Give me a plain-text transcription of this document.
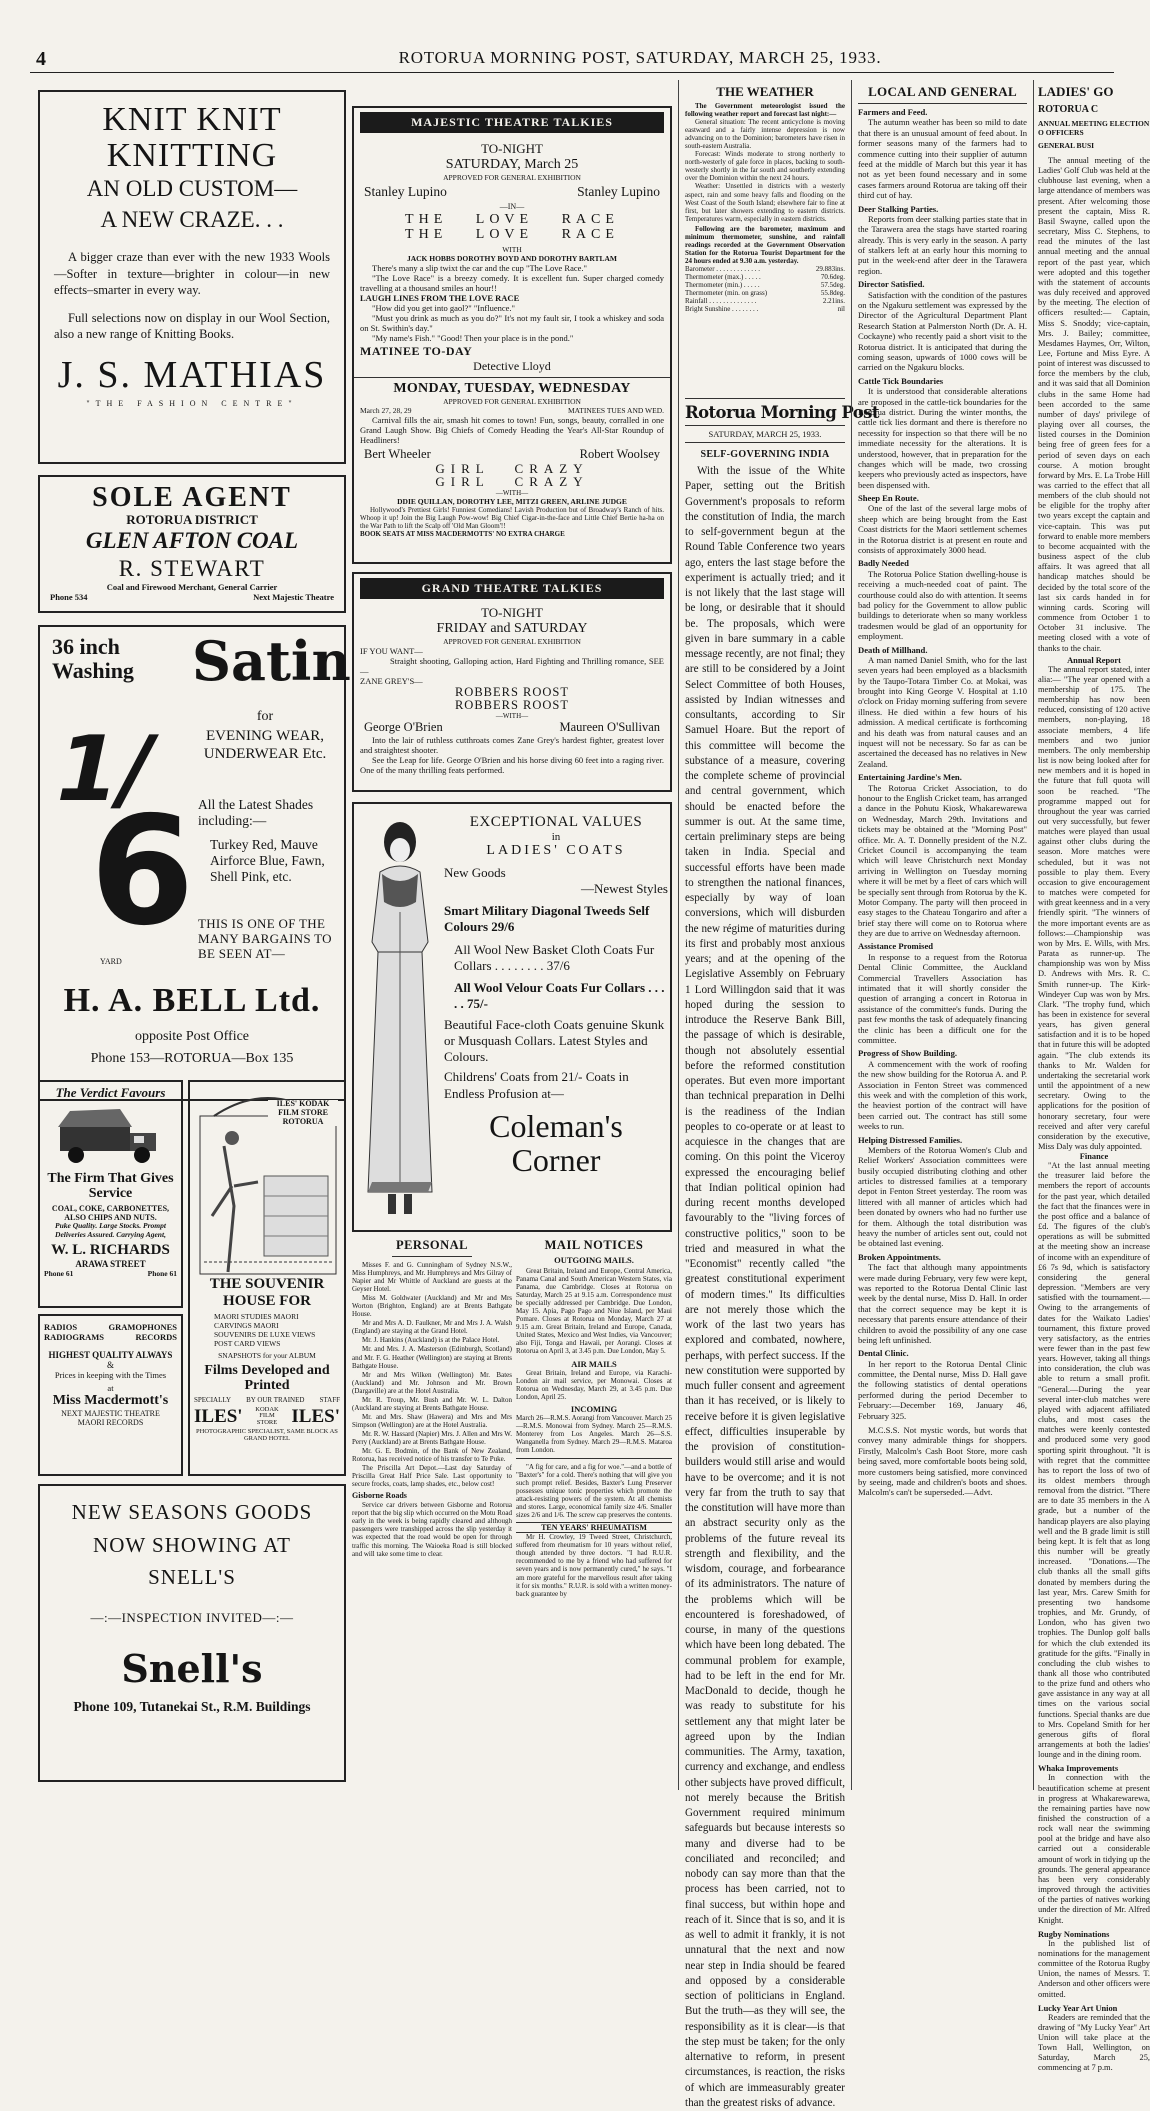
4	ROTORUA MORNING POST, SATURDAY, MARCH 25, 1933.
KNIT KNIT
KNITTING
AN OLD CUSTOM—
A NEW CRAZE. . .

A bigger craze than ever with the new 1933 Wools—Softer in texture—brighter in colour—in new effects–smarter in every way.

Full selections now on display in our Wool Section, also a new range of Knitting Books.

J. S. MATHIAS
"THE FASHION CENTRE"
SOLE AGENT
ROTORUA DISTRICT
GLEN AFTON COAL
R. STEWART
Coal and Firewood Merchant, General Carrier
Phone 534	Next Majestic Theatre
36 inch Washing	Satin
1/
6
YARD
for
EVENING WEAR, UNDERWEAR Etc.
All the Latest Shades including:—
Turkey Red, Mauve Airforce Blue, Fawn, Shell Pink, etc.
THIS IS ONE OF THE MANY BARGAINS TO BE SEEN AT—
H. A. BELL Ltd.
opposite Post Office
Phone 153—ROTORUA—Box 135
The Verdict Favours
The Firm That Gives Service
COAL, COKE, CARBONETTES, ALSO CHIPS AND NUTS.
Puke Quality. Large Stocks. Prompt Deliveries Assured. Carrying Agent,
W. L. RICHARDS
ARAWA STREET
Phone 61	Phone 61
RADIOS RADIOGRAMS
GRAMOPHONES RECORDS
HIGHEST QUALITY ALWAYS
&
Prices in keeping with the Times
at
Miss Macdermott's
NEXT MAJESTIC THEATRE
MAORI RECORDS
ILES' KODAK FILM STORE ROTORUA
THE SOUVENIR HOUSE FOR
MAORI STUDIES MAORI CARVINGS MAORI SOUVENIRS DE LUXE VIEWS POST CARD VIEWS
SNAPSHOTS for your ALBUM
Films Developed and Printed
SPECIALLY BY OUR TRAINED STAFF
ILES'	KODAK FILM STORE ILES'
PHOTOGRAPHIC SPECIALIST, SAME BLOCK AS GRAND HOTEL
NEW SEASONS GOODS
NOW SHOWING AT
SNELL'S
—:—INSPECTION INVITED—:—
Snell's
Phone 109, Tutanekai St., R.M. Buildings
MAJESTIC THEATRE TALKIES
TO-NIGHT
SATURDAY, March 25
APPROVED FOR GENERAL EXHIBITION
Stanley Lupino	Stanley Lupino
—IN—
THE LOVE RACE
THE LOVE RACE
WITH
JACK HOBBS DOROTHY BOYD AND DOROTHY BARTLAM

There's many a slip twixt the car and the cup "The Love Race."

"The Love Race" is a breezy comedy. It is excellent fun. Super charged comedy travelling at a thousand smiles an hour!!

LAUGH LINES FROM THE LOVE RACE

"How did you get into gaol?" "Influence."

"Must you drink as much as you do?" It's not my fault sir, I took a whiskey and soda on St. Swithin's day."

"My name's Fish." "Good! Then your place is in the pond."

MATINEE TO-DAY
Detective Lloyd
MONDAY, TUESDAY, WEDNESDAY
APPROVED FOR GENERAL EXHIBITION
March 27, 28, 29	MATINEES TUES AND WED.

Carnival fills the air, smash hit comes to town! Fun, songs, beauty, corralled in one Grand Laugh Show. Big Chiefs of Comedy Heading the Year's All-Star Roundup of Headliners!

Bert Wheeler	Robert Woolsey
GIRL CRAZY
GIRL CRAZY
—WITH—
DDIE QUILLAN, DOROTHY LEE, MITZI GREEN, ARLINE JUDGE

Hollywood's Prettiest Girls! Funniest Comedians! Lavish Production but of Broadway's Ranch of hits. Whoop it up! Join the Big Laugh Pow-wow! Big Chief Cigar-in-the-face and Little Chief Bertie ha-ha on the War Path to lift the Scalp off 'Old Man Gloom'!!

BOOK SEATS AT MISS MACDERMOTTS' NO EXTRA CHARGE
GRAND THEATRE TALKIES
TO-NIGHT
FRIDAY and SATURDAY
APPROVED FOR GENERAL EXHIBITION
IF YOU WANT—

Straight shooting, Galloping action, Hard Fighting and Thrilling romance, SEE—

ZANE GREY'S—
ROBBERS ROOST
ROBBERS ROOST
—WITH—
George O'Brien	Maureen O'Sullivan

Into the lair of ruthless cutthroats comes Zane Grey's hardest fighter, greatest lover and straightest shooter.

See the Leap for life. George O'Brien and his horse diving 60 feet into a raging river. One of the many thrilling feats performed.

EXCEPTIONAL VALUES
in
LADIES' COATS
New Goods
—Newest Styles
Smart Military Diagonal Tweeds Self Colours 29/6
All Wool New Basket Cloth Coats Fur Collars . . . . . . . . 37/6
All Wool Velour Coats Fur Collars . . . . . 75/-
Beautiful Face-cloth Coats genuine Skunk or Musquash Collars. Latest Styles and Colours.
Childrens' Coats from 21/- Coats in Endless Profusion at—
Coleman's
Corner
PERSONAL

Misses F. and G. Cunningham of Sydney N.S.W., Miss Humphreys, and Mr. Humphreys and Mrs Gilray of Napier and Mr Whittle of Auckland are guests at the Geyser Hotel.

Miss M. Goldwater (Auckland) and Mr and Mrs Worton (Brighton, England) are at Brents Bathgate House.

Mr and Mrs A. D. Faulkner, Mr and Mrs J. A. Walsh (England) are staying at the Grand Hotel.

Mr. J. Hankins (Auckland) is at the Palace Hotel.

Mr. and Mrs. J. A. Masterson (Edinburgh, Scotland) and Mr. F. G. Heather (Wellington) are staying at Brents Bathgate House.

Mr and Mrs Wilken (Wellington) Mr. Bates (Auckland) and Mr. Johnson and Mr. Brown (Dargaville) are at the Hotel Australia.

Mr. R. Troup, Mr. Bush and Mr. W. L. Dalton (Auckland are staying at Brents Bathgate House.

Mr. and Mrs. Shaw (Hawera) and Mrs and Mrs Simpson (Wellington) are at the Hotel Australia.

Mr. R. W. Hassard (Napier) Mrs. J. Allen and Mrs W. Perry (Auckland) are at Brents Bathgate House.

Mr. G. E. Bodmin, of the Bank of New Zealand, Rotorua, has received notice of his transfer to Te Puke.

The Priscilla Art Depot.—Last day Saturday of Priscilla Great Half Price Sale. Last opportunity to secure frocks, coats, lamp shades, etc., below cost!

Gisborne Roads

Service car drivers between Gisborne and Rotorua report that the big slip which occurred on the Motu Road early in the week is being rapidly cleared and although passengers were transhipped across the slip yesterday it was expected that the road would be open for through traffic this morning. The Waioeka Road is still blocked and will take some time to clear.

MAIL NOTICES
OUTGOING MAILS.

Great Britain, Ireland and Europe, Central America, Panama Canal and South American Western States, via Panama, due Cambridge. Closes at Rotorua on Saturday, March 25 at 9.15 a.m. Correspondence must be specially addressed per Cambridge. Due London, May 15. Apia, Pago Pago and Niue Island, per Maui Pomare. Closes at Rotorua on Monday, March 27 at 9.15 a.m. Great Britain, Ireland and Europe, Canada, United States, Mexico and West Indies, via Vancouver; also Fiji, Tonga and Hawaii, per Aorangi. Closes at Rotorua on April 3, at 3.45 p.m. Due London, May 5.

AIR MAILS

Great Britain, Ireland and Europe, via Karachi-London air mail service, per Monowai. Closes at Rotorua on Wednesday, March 29, at 3.45 p.m. Due London, April 25.

INCOMING

March 26—R.M.S. Aorangi from Vancouver. March 25—R.M.S. Monowai from Sydney. March 25—R.M.S. Monterey from Los Angeles. March 26—S.S. Wanganella from Sydney. March 29—R.M.S. Mataroa from London.

"A fig for care, and a fig for woe."—and a bottle of "Baxter's" for a cold. There's nothing that will give you such prompt relief. Besides, Baxter's Lung Preserver possesses unique tonic properties which promote the attack-resisting powers of the system. At all chemists and stores. Large, economical family size 4/6. Smaller sizes 2/6 and 1/6. The screw cap preserves the contents.

TEN YEARS' RHEUMATISM

Mr H. Crowley, 19 Tweed Street, Christchurch, suffered from rheumatism for 10 years without relief, though attended by three doctors. "I had R.U.R. recommended to me by a friend who had suffered for seven years and is now permanently cured," he says. "I am more grateful for the marvellous result after taking it for six months." R.U.R. is sold with a written money-back guarantee by

THE WEATHER

The Government meteorologist issued the following weather report and forecast last night:—

General situation: The recent anticyclone is moving eastward and a fairly intense depression is now advancing on to the Dominion; barometers have risen in south-eastern Australia.

Forecast: Winds moderate to strong northerly to north-westerly of gale force in places, backing to south-westerly shortly in the far south and southerly extending over the Dominion within the next 24 hours.

Weather: Unsettled in districts with a westerly aspect, rain and some heavy falls and flooding on the West Coast of the South Island; elsewhere fair to fine at first, but later showers extending to eastern districts. Temperatures warm, especially in eastern districts.

Following are the barometer, maximum and minimum thermometer, sunshine, and rainfall readings recorded at the Government Observation Station for the Rotorua Tourist Department for the 24 hours ended at 9.30 a.m. yesterday.

Barometer . . . . . . . . . . . . .	29.883ins.
Thermometer (max.) . . . . .	70.6deg.
Thermometer (min.) . . . . .	57.5deg.
Thermometer (min. on grass)	55.8deg.
Rainfall . . . . . . . . . . . . . .	2.21ins.
Bright Sunshine . . . . . . . .	nil
Rotorua Morning Post
SATURDAY, MARCH 25, 1933.
SELF-GOVERNING INDIA

With the issue of the White Paper, setting out the British Government's proposals to reform the constitution of India, the march to self-government begun at the Round Table Conference two years ago, enters the last stage before the experiment is actually tried; and it is not likely that the last stage will be long, or desirable that it should be. The proposals, which were given in bare summary in a cable message recently, are not final; they are still to be considered by a Joint Select Committee of both Houses, assisted by Indian witnesses and consultants, according to Sir Samuel Hoare. But the report of this committee will become the substance of a measure, covering the complete scheme of provincial and central government, which should be enacted before the summer is out. At the same time, certain preliminary steps are being taken in India. Special and successful efforts have been made to strengthen the national finances, especially by way of loan conversions, which will disburden the new régime of maturities during its first and probably most anxious years; and at the opening of the Legislative Assembly on February 1 Lord Willingdon said that it was hoped during the session to introduce the Reserve Bank Bill, the passage of which is desirable, though not absolutely essential before the reformed constitution operates. But even more important than technical preparation in Delhi is the readiness of the Indian peoples to co-operate or at least to acquiesce in the changes that are coming. On this point the Viceroy expressed the encouraging belief that Indian political opinion had during recent months developed favourably to the "living forces of constructive politics," soon to be tried and measured in what the "Economist" recently called "the greatest constitutional experiment of modern times." Its difficulties are not merely those which the work of the last two years has explored and combated, nowhere, perhaps, with perfect success. If the new constitution were supported by much fuller consent and agreement than it has received, or is likely to receive before it is given legislative effect, difficulties insuperable by the provision of constitution-builders would still arise and would have to be overcome; and it is not very far from the truth to say that the constitution will have more than an abstract security only as the problems of the future reveal its strength and flexibility, and the wisdom, courage, and forbearance of its administrators. The nature of the problems which will be encountered is foreshadowed, of course, in many of the questions which have been long debated. The communal problem for example, had to be left in the end for Mr. MacDonald to decide, though he was ready to substitute for his settlement any that might later be agreed upon by the Indian communities. The Army, taxation, currency and exchange, and endless other subjects have proved difficult, not merely because the British Government required minimum safeguards but because interests so many and diverse had to be conciliated and reconciled; and nobody can say more than that the process has been carried, not to final success, but within hope and reach of it. Since that is so, and it is as well to admit it frankly, it is not unnatural that the next and now near step in India should be feared and opposed by a considerable section of politicians in England. But the truth—as they will see, the responsibility as it is clear—is that the step must be taken; for the only alternative to reform, in present circumstances, is reaction, the risks of which are immeasurably greater than the greatest risks of advance.

LOCAL AND GENERAL
Farmers and Feed.

The autumn weather has been so mild to date that there is an unusual amount of feed about. In former seasons many of the farmers had to commence cutting into their supplier of autumn feed at the middle of March but this year it has not as yet been found necessary and in some cases farmers around Rotorua are taking off their third cut of hay.

Deer Stalking Parties.

Reports from deer stalking parties state that in the Tarawera area the stags have started roaring already. This is very early in the season. A party of stalkers left at an early hour this morning to put in the week-end after deer in the Tarawera region.

Director Satisfied.

Satisfaction with the condition of the pastures on the Ngakuru settlement was expressed by the Director of the Agricultural Department Plant Research Station at Palmerston North (Dr. A. H. Cockayne) who recently paid a short visit to the Rotorua district. It is anticipated that during the coming season, upwards of 1000 cows will be carried on the Ngakuru blocks.

Cattle Tick Boundaries

It is understood that considerable alterations are proposed in the cattle-tick boundaries for the Rotorua district. During the winter months, the cattle tick lies dormant and there is therefore no necessity for inspection so that there will be no immediate necessity for the alterations. It is understood, however, that in preparation for the changes which will be made, two crossing keepers who previously acted as inspectors, have been dispensed with.

Sheep En Route.

One of the last of the several large mobs of sheep which are being brought from the East Coast districts for the Maori settlement schemes in the Rotorua district is at present en route and consists of approximately 3000 head.

Badly Needed

The Rotorua Police Station dwelling-house is receiving a much-needed coat of paint. The courthouse could also do with attention. It seems bad policy for the Government to allow public buildings to deteriorate when so many workless tradesmen would be glad of an opportunity for employment.

Death of Millhand.

A man named Daniel Smith, who for the last seven years had been employed as a blacksmith by the Taupo-Totara Timber Co. at Mokai, was brought into King George V. Hospital at 1.10 o'clock on Friday morning suffering from severe illness. He died within a few hours of his admission. A medical certificate is forthcoming and his death was from natural causes and an inquest will not be necessary. So far as can be ascertained the deceased has no relatives in New Zealand.

Entertaining Jardine's Men.

The Rotorua Cricket Association, to do honour to the English Cricket team, has arranged a dance in the Pohutu Kiosk, Whakarewarewa on Wednesday, March 29th. Invitations and tickets may be obtained at the "Morning Post" office. Mr. A. T. Donnelly president of the N.Z. Cricket Council is accompanying the team which will leave Christchurch next Monday arriving in Wellington on Tuesday morning where it will be met by a fleet of cars which will be specially sent through from Rotorua by the K. Motor Company. The party will then proceed in easy stages to the Chateau Tongariro and after a brief stay there will come on to Rotorua where they are due to arrive on Wednesday afternoon.

Assistance Promised

In response to a request from the Rotorua Dental Clinic Committee, the Auckland Commercial Travellers Association has intimated that it will shortly consider the question of arranging a concert in Rotorua in assistance of the committee's funds. During the past few months the task of adequately financing the clinic has been a difficult one for the committee.

Progress of Show Building.

A commencement with the work of roofing the new show building for the Rotorua A. and P. Association in Fenton Street was commenced this week and with the completion of this work, the heaviest portion of the contract will have been carried out. The contract has still some weeks to run.

Helping Distressed Families.

Members of the Rotorua Women's Club and Relief Workers' Association committees were busily occupied distributing clothing and other articles to distressed families at a temporary depot in Fenton Street yesterday. The room was littered with all manner of articles which had been donated by owners who had no further use for them. Although the total distribution was heavy the number of articles sent out, could not be obtained last evening.

Broken Appointments.

The fact that although many appointments were made during February, very few were kept, was reported to the Rotorua Dental Clinic last week by the dental nurse, Miss D. Hall. In order that the correct sequence may be kept it is necessary that parents ensure attendance of their children to avoid the possibility of any one case being left unfinished.

Dental Clinic.

In her report to the Rotorua Dental Clinic committee, the Dental nurse, Miss D. Hall gave the following statistics of dental operations performed during the period December to February:—December 169, January 46, February 325.

M.C.S.S. Not mystic words, but words that convey many admirable things for shoppers. Firstly, Malcolm's Cash Boot Store, more cash being saved, more comfortable boots being sold, more customers being satisfied, more convinced by seeing, made and children's boots and shoes. Malcolm's can't be superseded.—Advt.

LADIES' GO
ROTORUA C
ANNUAL MEETING ELECTION O OFFICERS
GENERAL BUSI

The annual meeting of the Ladies' Golf Club was held at the clubhouse last evening, when a large attendance of members was present. After welcoming those present the captain, Miss R. Basil Swayne, called upon the secretary, Miss C. Stephens, to read the minutes of the last annual meeting and the annual report of the past year, which were adopted and this together with the statement of accounts was duly received and approved by the meeting. The election of officers resulted:— Captain, Miss S. Snoddy; vice-captain, Mrs. J. Bailey; committee, Mesdames Haymes, Orr, Wilton, Lee, Fortune and Miss Eyre. A point of interest was discussed to force the members by the club, and it was said that all Dominion clubs in the same Home had been accorded to the same number of days' privilege of playing over all courses, the listed courses in the Dominion being free of green fees for a period of seven days on each course. A motion brought forward by Mrs. E. La Trobe Hill was carried to the effect that all members of the club should not be eligible for the trophy after two years except the captain and vice-captain. This was put forward to enable more members to become acquainted with the business aspect of the club affairs. It was agreed that all handicap matches should be decided by the total score of the last six cards handed in for winning cards. Scoring will commence from October 1 to October 31 inclusive. The meeting closed with a vote of thanks to the chair.

Annual Report

The annual report stated, inter alia:— "The year opened with a membership of 175. The membership has now been reduced, consisting of 120 active members, non-playing, 18 associate members, 4 life members and two junior members. The only membership list is now being looked after for new members and it is hoped in the future that full quota will soon be reached. "The programme mapped out for throughout the year was carried out very successfully, but fewer matches were played than usual against other clubs during the season. More matches were scheduled, but it was not possible to play them. Every occasion to give encouragement to matches were competed for with great keenness and in a very friendly spirit. "The winners of the more important events are as follows:—Championship was won by Mrs. E. Wills, with Mrs. Parata as runner-up. The championship was won by Miss D. Andrews with Mrs. R. C. Smith runner-up. The Kirk-Windeyer Cup was won by Mrs. Clark. "The trophy fund, which has been in existence for several years, has given general satisfaction and it is to be hoped that in future this will be adopted again. "The club extends its thanks to Mr. Walden for undertaking the secretarial work until the appointment of a new secretary. Owing to the applications for the position of honorary secretary, four were received and after very careful consideration by the executive, Miss Daly was duly appointed.

Finance

"At the last annual meeting the treasurer laid before the members the report of accounts for the past year, which detailed the fact that the finances were in the post office and a balance of £d. The figures of the club's operations as will be submitted at the meeting show an increase of income with an expenditure of £6 7s 9d, which is satisfactory considering the general depression. "Members are very satisfied with the tournament.—Owing to the arrangements of dates for the Waikato Ladies' tournament, this fixture proved very satisfactory, as the entries were fewer than in the past few years. However, taking all things into consideration, the club was able to return a small profit. "General.—During the year several inter-club matches were played with adjacent affiliated clubs, and most cases the matches were keenly contested and produced some very good sporting spirit throughout. "It is with regret that the committee has to report the loss of two of its oldest members through removal from the district. "There are to date 35 members in the A grade, but a number of the handicap players are also playing well and the B grade limit is still being kept. It is felt that as long this number will be greatly increased. "Donations.—The club thanks all the small gifts donated by members during the last year, Mrs. Carew Smith for presenting two handsome trophies, and Mr. Grundy, of London, who has given two trophies. The Dunlop golf balls for which the club extended its gratitude for the gifts. "Finally in concluding the club wishes to thank all those who contributed to the prize fund and others who gave assistance in any way at all times on the various social functions. Special thanks are due to Mrs. Copeland Smith for her generous gifts of floral arrangements at both the ladies' lounge and in the dining room.

Whaka Improvements

In connection with the beautification scheme at present in progress at Whakarewarewa, the remaining parties have now finished the construction of a rock wall near the swimming pool at the bridge and have also carried out a considerable amount of work in tidying up the grounds. The general appearance has been very considerably improved through the activities of the parties of natives working under the direction of Mr. Alfred Knight.

Rugby Nominations

In the published list of nominations for the management committee of the Rotorua Rugby Union, the names of Messrs. T. Anderson and other officers were omitted.

Lucky Year Art Union

Readers are reminded that the drawing of "My Lucky Year" Art Union will take place at the Town Hall, Wellington, on Saturday, March 25, commencing at 7 p.m.
